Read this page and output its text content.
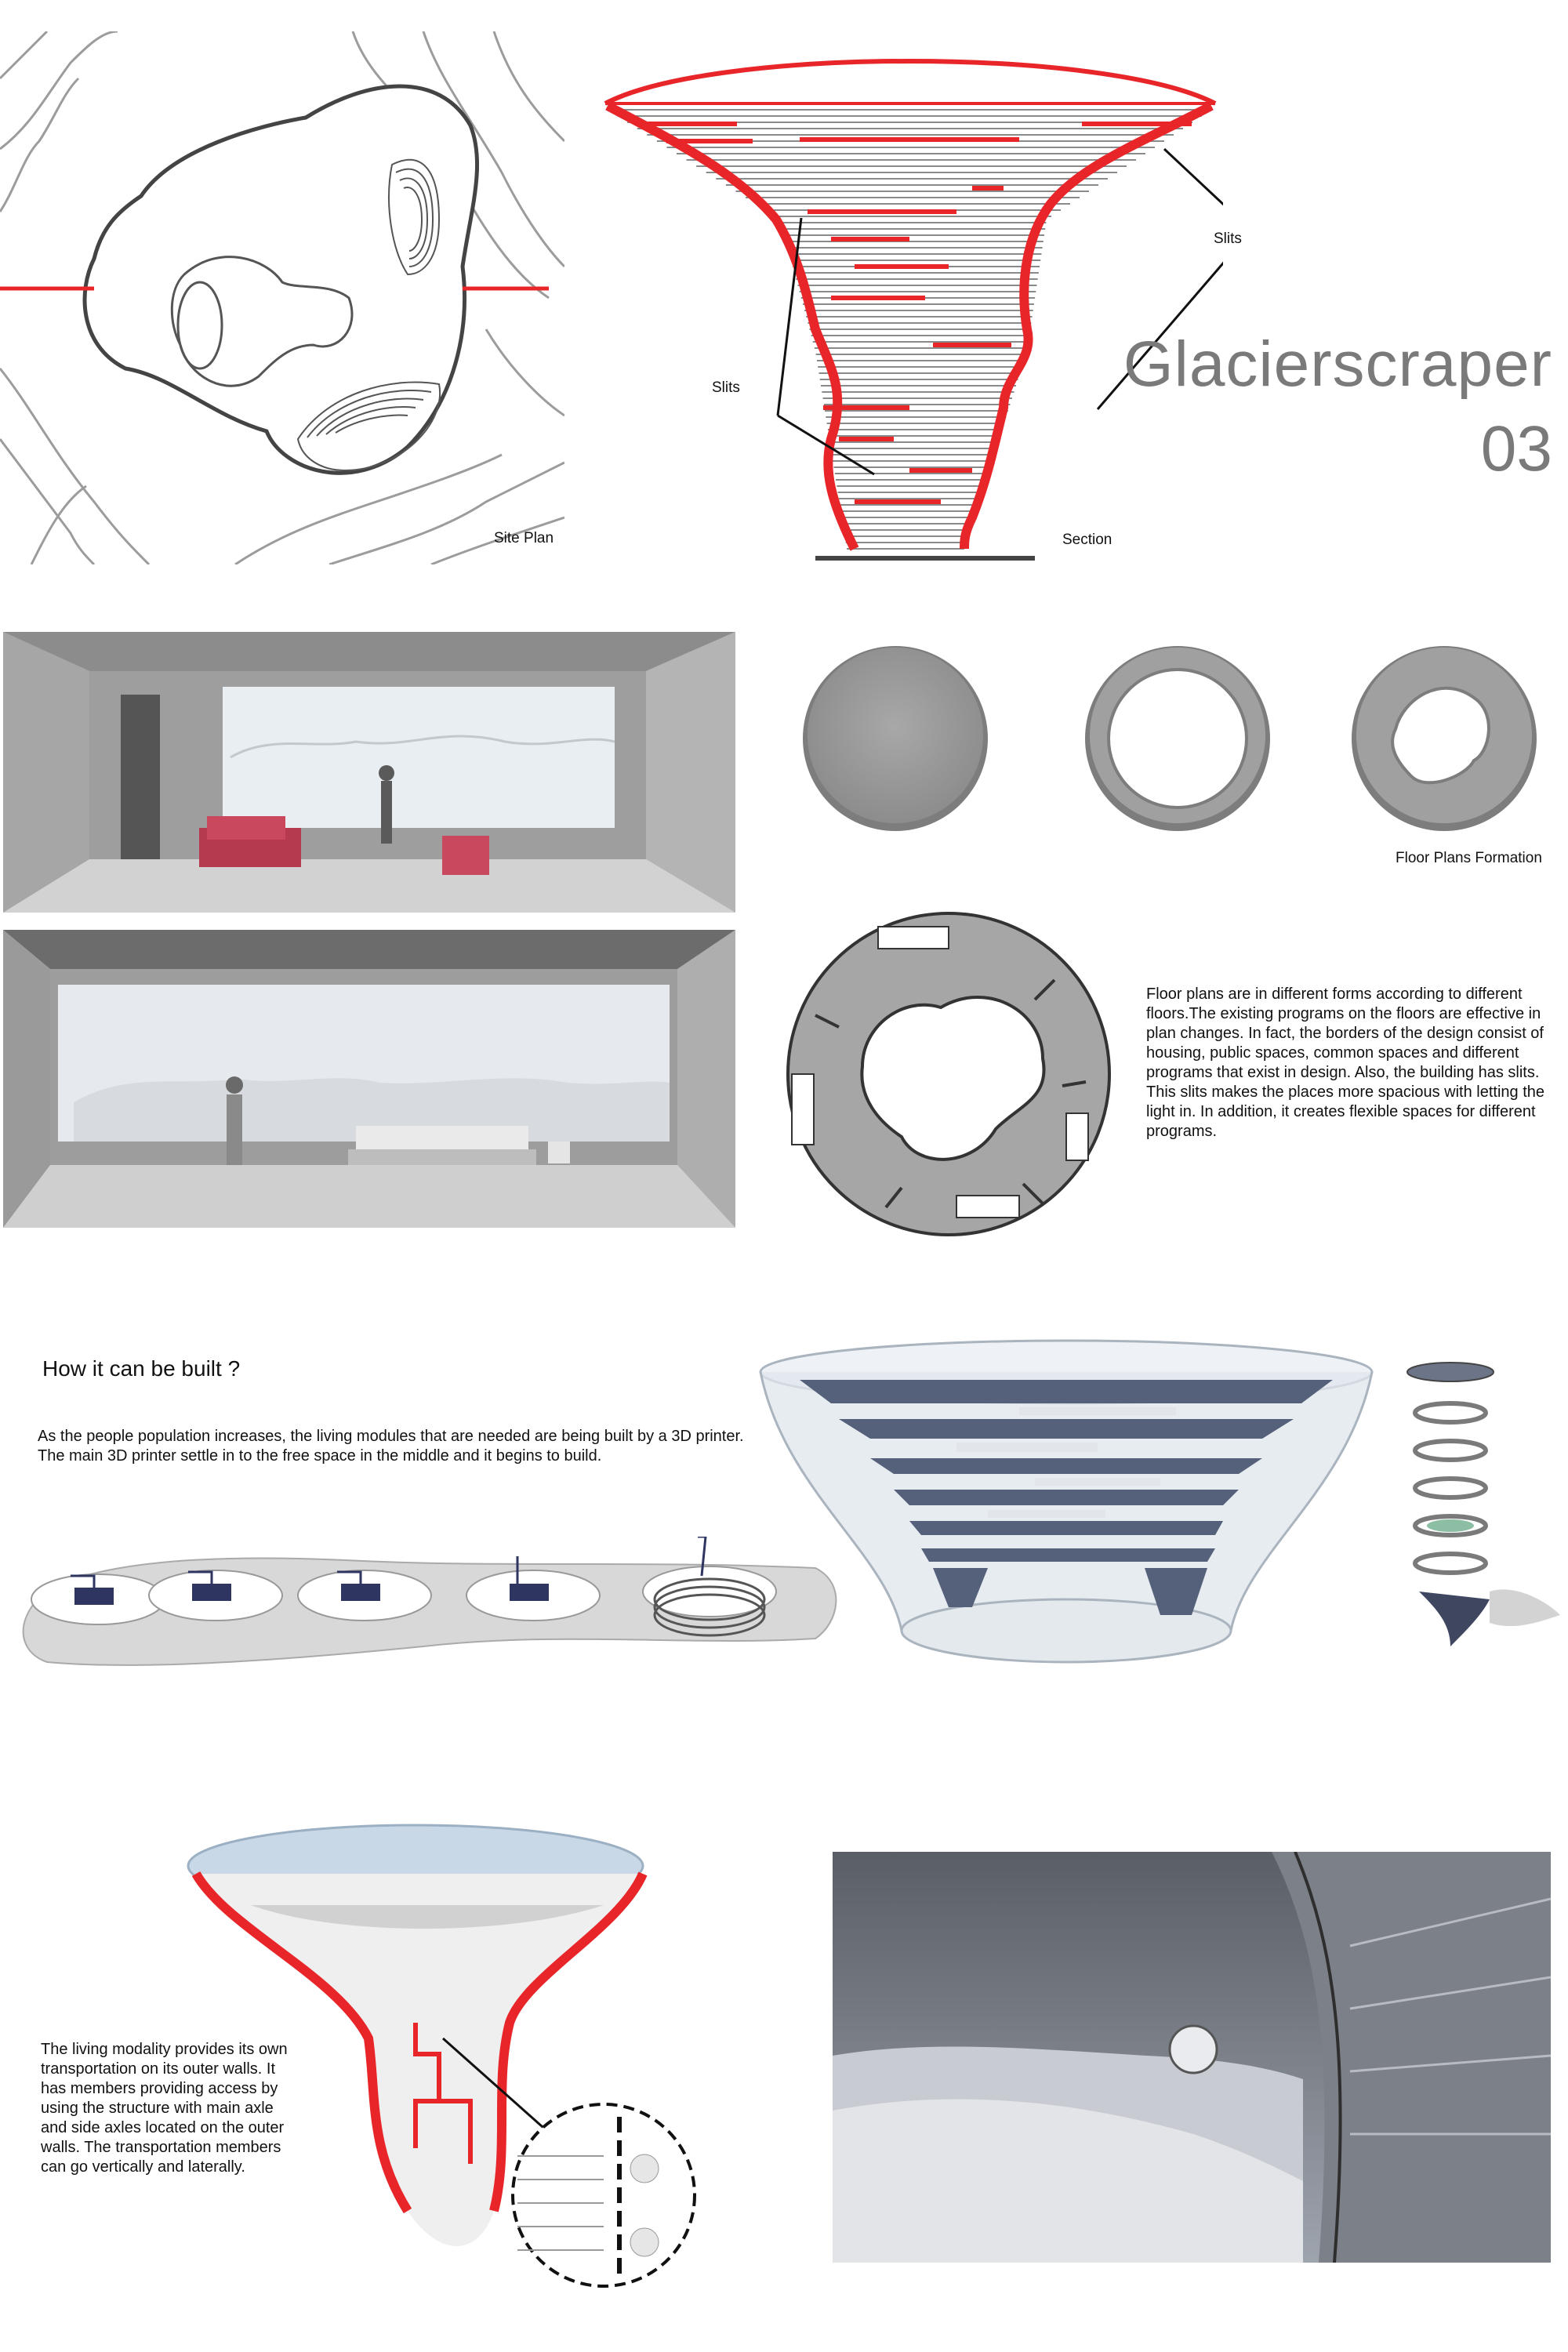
Site Plan
Slits
Slits
Section
Glacierscraper
03
Floor Plans Formation
Floor plans are in different forms according to different floors.The existing programs on the floors are effective in plan changes. In fact, the borders of the design consist of housing, public spaces, common spaces and different programs that exist in design. Also, the building has slits. This slits makes the places more spacious with letting the light in. In addition, it creates flexible spaces for different programs.
How it can be built ?
As the people population increases, the living modules that are needed are being built by a 3D printer. The main 3D printer settle in to the free space in the middle and it begins to build.
The living modality provides its own transportation on its outer walls. It has members providing access by using the structure with main axle and side axles located on the outer walls. The transportation members can go vertically and laterally.
